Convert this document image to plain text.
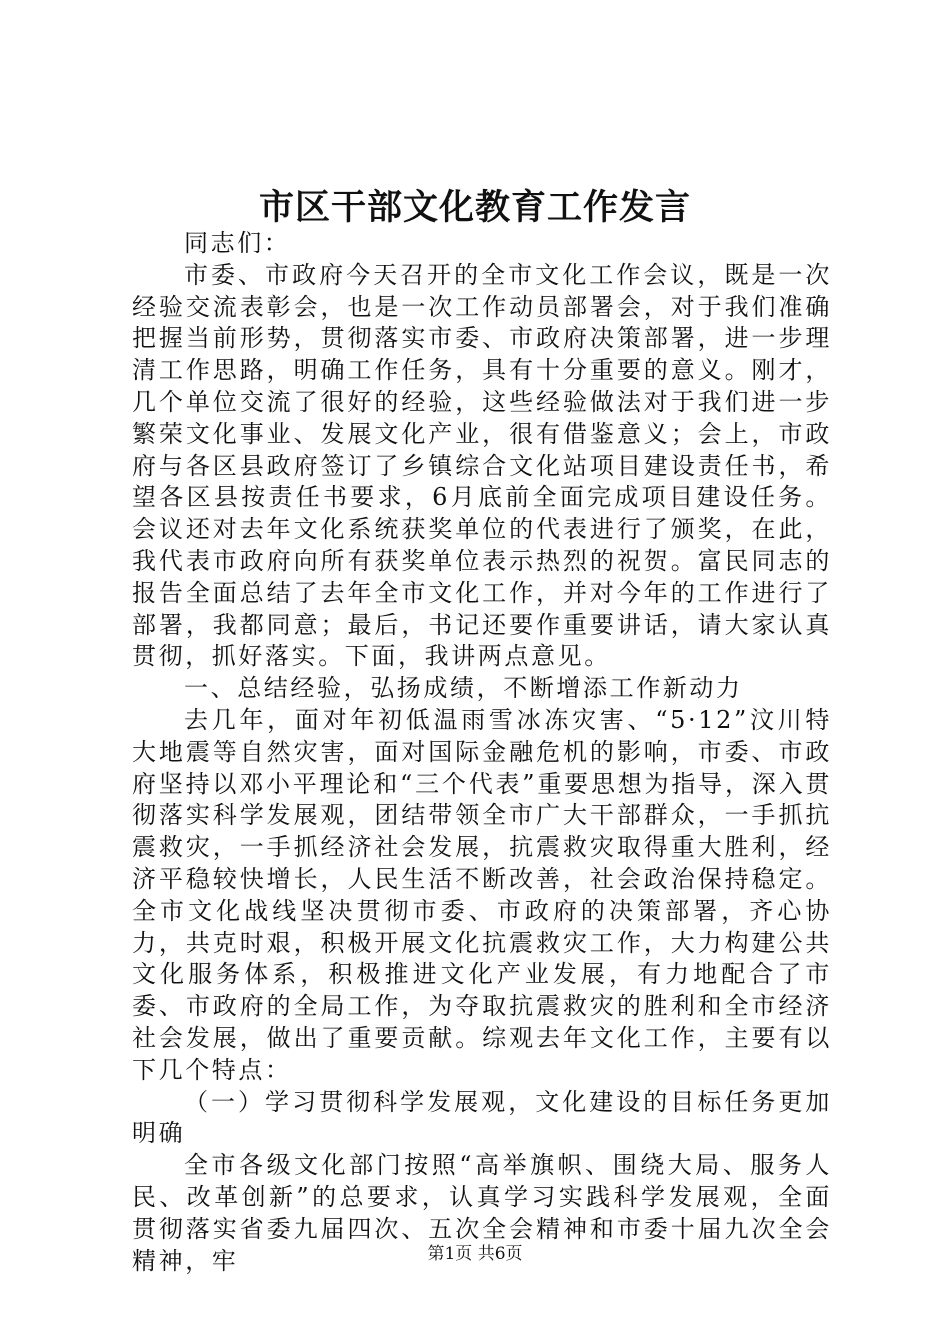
市区干部文化教育工作发言

同志们：

市委、市政府今天召开的全市文化工作会议，既是一次经验交流表彰会，也是一次工作动员部署会，对于我们准确把握当前形势，贯彻落实市委、市政府决策部署，进一步理清工作思路，明确工作任务，具有十分重要的意义。刚才，几个单位交流了很好的经验，这些经验做法对于我们进一步繁荣文化事业、发展文化产业，很有借鉴意义；会上，市政府与各区县政府签订了乡镇综合文化站项目建设责任书，希望各区县按责任书要求，6月底前全面完成项目建设任务。会议还对去年文化系统获奖单位的代表进行了颁奖，在此，我代表市政府向所有获奖单位表示热烈的祝贺。富民同志的报告全面总结了去年全市文化工作，并对今年的工作进行了部署，我都同意；最后，书记还要作重要讲话，请大家认真贯彻，抓好落实。下面，我讲两点意见。

一、总结经验，弘扬成绩，不断增添工作新动力

去几年，面对年初低温雨雪冰冻灾害、“5·12”汶川特大地震等自然灾害，面对国际金融危机的影响，市委、市政府坚持以邓小平理论和“三个代表”重要思想为指导，深入贯彻落实科学发展观，团结带领全市广大干部群众，一手抓抗震救灾，一手抓经济社会发展，抗震救灾取得重大胜利，经济平稳较快增长，人民生活不断改善，社会政治保持稳定。全市文化战线坚决贯彻市委、市政府的决策部署，齐心协力，共克时艰，积极开展文化抗震救灾工作，大力构建公共文化服务体系，积极推进文化产业发展，有力地配合了市委、市政府的全局工作，为夺取抗震救灾的胜利和全市经济社会发展，做出了重要贡献。综观去年文化工作，主要有以下几个特点：

（一）学习贯彻科学发展观，文化建设的目标任务更加明确

全市各级文化部门按照“高举旗帜、围绕大局、服务人民、改革创新”的总要求，认真学习实践科学发展观，全面贯彻落实省委九届四次、五次全会精神和市委十届九次全会精神，牢	第1页 共6页
